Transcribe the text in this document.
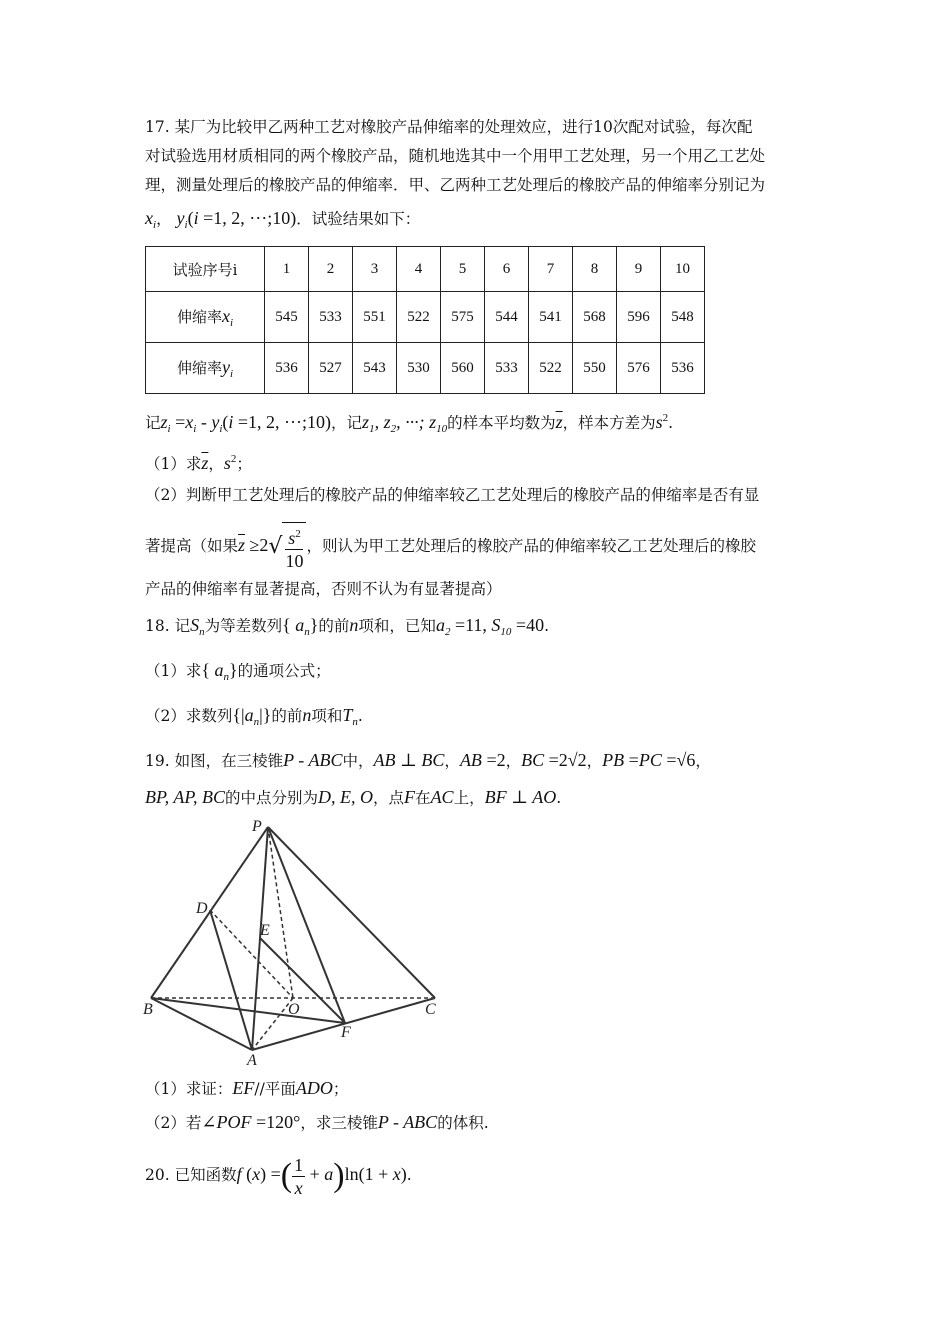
17. 某厂为比较甲乙两种工艺对橡胶产品伸缩率的处理效应，进行10次配对试验，每次配
对试验选用材质相同的两个橡胶产品，随机地选其中一个用甲工艺处理，另一个用乙工艺处
理，测量处理后的橡胶产品的伸缩率．甲、乙两种工艺处理后的橡胶产品的伸缩率分别记为
$x_i$， $y_i(i =1$, 2, ···;10)．试验结果如下：
试验序号i	1	2	3	4	5	6	7	8	9	10
伸缩率$x_i$	545	533	551	522	575	544	541	568	596	548
伸缩率$y_i$	536	527	543	530	560	533	522	550	576	536
记$z_i =x_i - y_i(i =1$, 2, ···;10)，记$z_1$, $z_2$, ···; $z_{10}$的样本平均数为$\overline{z}$，样本方差为$s^2$.
（1）求$\overline{z}$，$s^2$；
（2）判断甲工艺处理后的橡胶产品的伸缩率较乙工艺处理后的橡胶产品的伸缩率是否有显
著提高（如果$\overline{z} \ge 2√ \frac{s^2}{10}$ ，则认为甲工艺处理后的橡胶产品的伸缩率较乙工艺处理后的橡胶
产品的伸缩率有显著提高，否则不认为有显著提高）
18. 记$S_n$为等差数列{ $a_n$}的前n项和，已知$a_2 =11$, $S_{10} =40$.
（1）求{ $a_n$}的通项公式；
（2）求数列$\{|a_n|\}$的前n项和$T_n$.
19. 如图，在三棱锥P - ABC中，AB ⊥ BC，AB =2，BC =2√2，PB =PC =√6，
BP, AP, BC的中点分别为D, E, O，点F在AC上，BF ⊥ AO.
P
D
E
B	O	C
F
A
（1）求证：EF//平面ADO；
（2）若∠POF =120°，求三棱锥P - ABC的体积.
20. 已知函数f (x) =( $\frac{1}{x} + a)\ln(1 + x)$.
